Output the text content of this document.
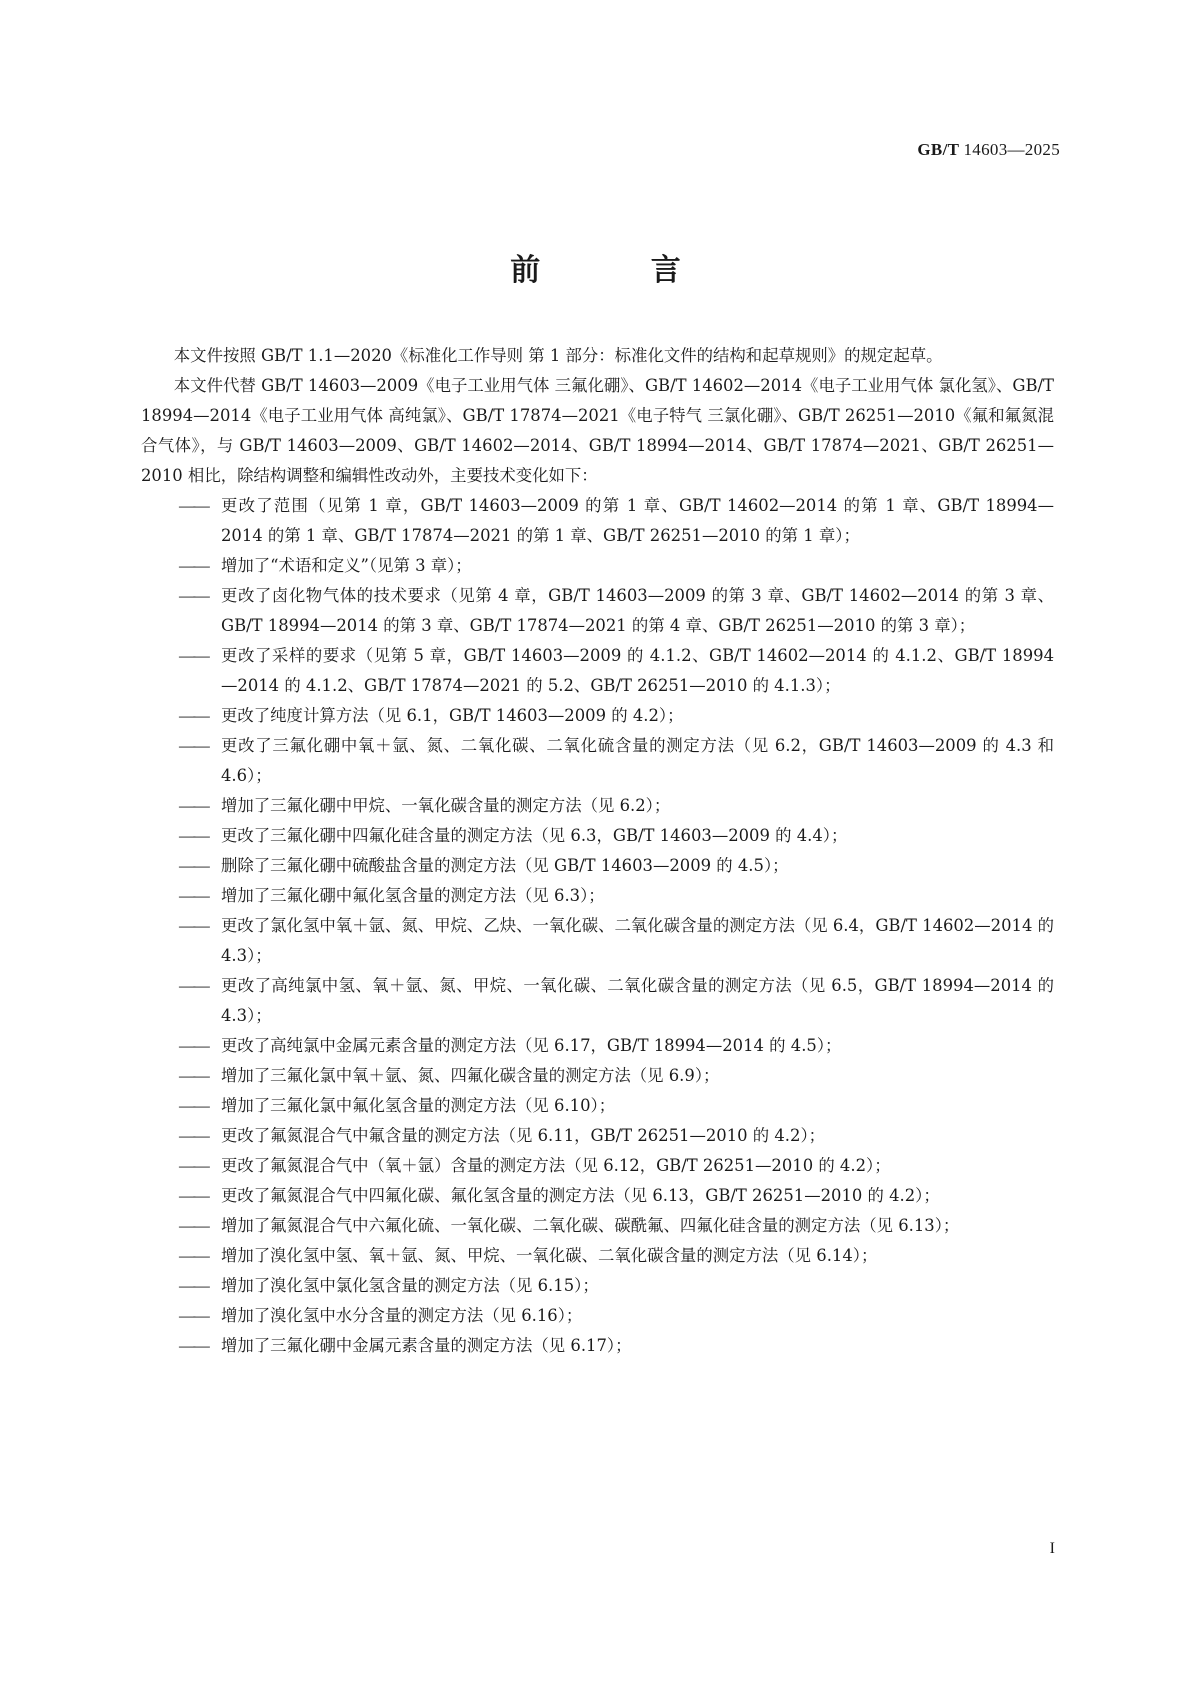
GB/T 14603—2025
前 言

本文件按照 GB/T 1.1—2020《标准化工作导则 第 1 部分：标准化文件的结构和起草规则》的规定起草。

本文件代替 GB/T 14603—2009《电子工业用气体 三氟化硼》、GB/T 14602—2014《电子工业用气体 氯化氢》、GB/T 18994—2014《电子工业用气体 高纯氯》、GB/T 17874—2021《电子特气 三氯化硼》、GB/T 26251—2010《氟和氟氮混合气体》，与 GB/T 14603—2009、GB/T 14602—2014、GB/T 18994—2014、GB/T 17874—2021、GB/T 26251—2010 相比，除结构调整和编辑性改动外，主要技术变化如下：

—— 更改了范围（见第 1 章，GB/T 14603—2009 的第 1 章、GB/T 14602—2014 的第 1 章、GB/T 18994—2014 的第 1 章、GB/T 17874—2021 的第 1 章、GB/T 26251—2010 的第 1 章）；
—— 增加了“术语和定义”（见第 3 章）；
—— 更改了卤化物气体的技术要求（见第 4 章，GB/T 14603—2009 的第 3 章、GB/T 14602—2014 的第 3 章、GB/T 18994—2014 的第 3 章、GB/T 17874—2021 的第 4 章、GB/T 26251—2010 的第 3 章）；
—— 更改了采样的要求（见第 5 章，GB/T 14603—2009 的 4.1.2、GB/T 14602—2014 的 4.1.2、GB/T 18994—2014 的 4.1.2、GB/T 17874—2021 的 5.2、GB/T 26251—2010 的 4.1.3）；
—— 更改了纯度计算方法（见 6.1，GB/T 14603—2009 的 4.2）；
—— 更改了三氟化硼中氧＋氩、氮、二氧化碳、二氧化硫含量的测定方法（见 6.2，GB/T 14603—2009 的 4.3 和 4.6）；
—— 增加了三氟化硼中甲烷、一氧化碳含量的测定方法（见 6.2）；
—— 更改了三氟化硼中四氟化硅含量的测定方法（见 6.3，GB/T 14603—2009 的 4.4）；
—— 删除了三氟化硼中硫酸盐含量的测定方法（见 GB/T 14603—2009 的 4.5）；
—— 增加了三氟化硼中氟化氢含量的测定方法（见 6.3）；
—— 更改了氯化氢中氧＋氩、氮、甲烷、乙炔、一氧化碳、二氧化碳含量的测定方法（见 6.4，GB/T 14602—2014 的 4.3）；
—— 更改了高纯氯中氢、氧＋氩、氮、甲烷、一氧化碳、二氧化碳含量的测定方法（见 6.5，GB/T 18994—2014 的 4.3）；
—— 更改了高纯氯中金属元素含量的测定方法（见 6.17，GB/T 18994—2014 的 4.5）；
—— 增加了三氟化氯中氧＋氩、氮、四氟化碳含量的测定方法（见 6.9）；
—— 增加了三氟化氯中氟化氢含量的测定方法（见 6.10）；
—— 更改了氟氮混合气中氟含量的测定方法（见 6.11，GB/T 26251—2010 的 4.2）；
—— 更改了氟氮混合气中（氧＋氩）含量的测定方法（见 6.12，GB/T 26251—2010 的 4.2）；
—— 更改了氟氮混合气中四氟化碳、氟化氢含量的测定方法（见 6.13，GB/T 26251—2010 的 4.2）；
—— 增加了氟氮混合气中六氟化硫、一氧化碳、二氧化碳、碳酰氟、四氟化硅含量的测定方法（见 6.13）；
—— 增加了溴化氢中氢、氧＋氩、氮、甲烷、一氧化碳、二氧化碳含量的测定方法（见 6.14）；
—— 增加了溴化氢中氯化氢含量的测定方法（见 6.15）；
—— 增加了溴化氢中水分含量的测定方法（见 6.16）；
—— 增加了三氟化硼中金属元素含量的测定方法（见 6.17）；
I
